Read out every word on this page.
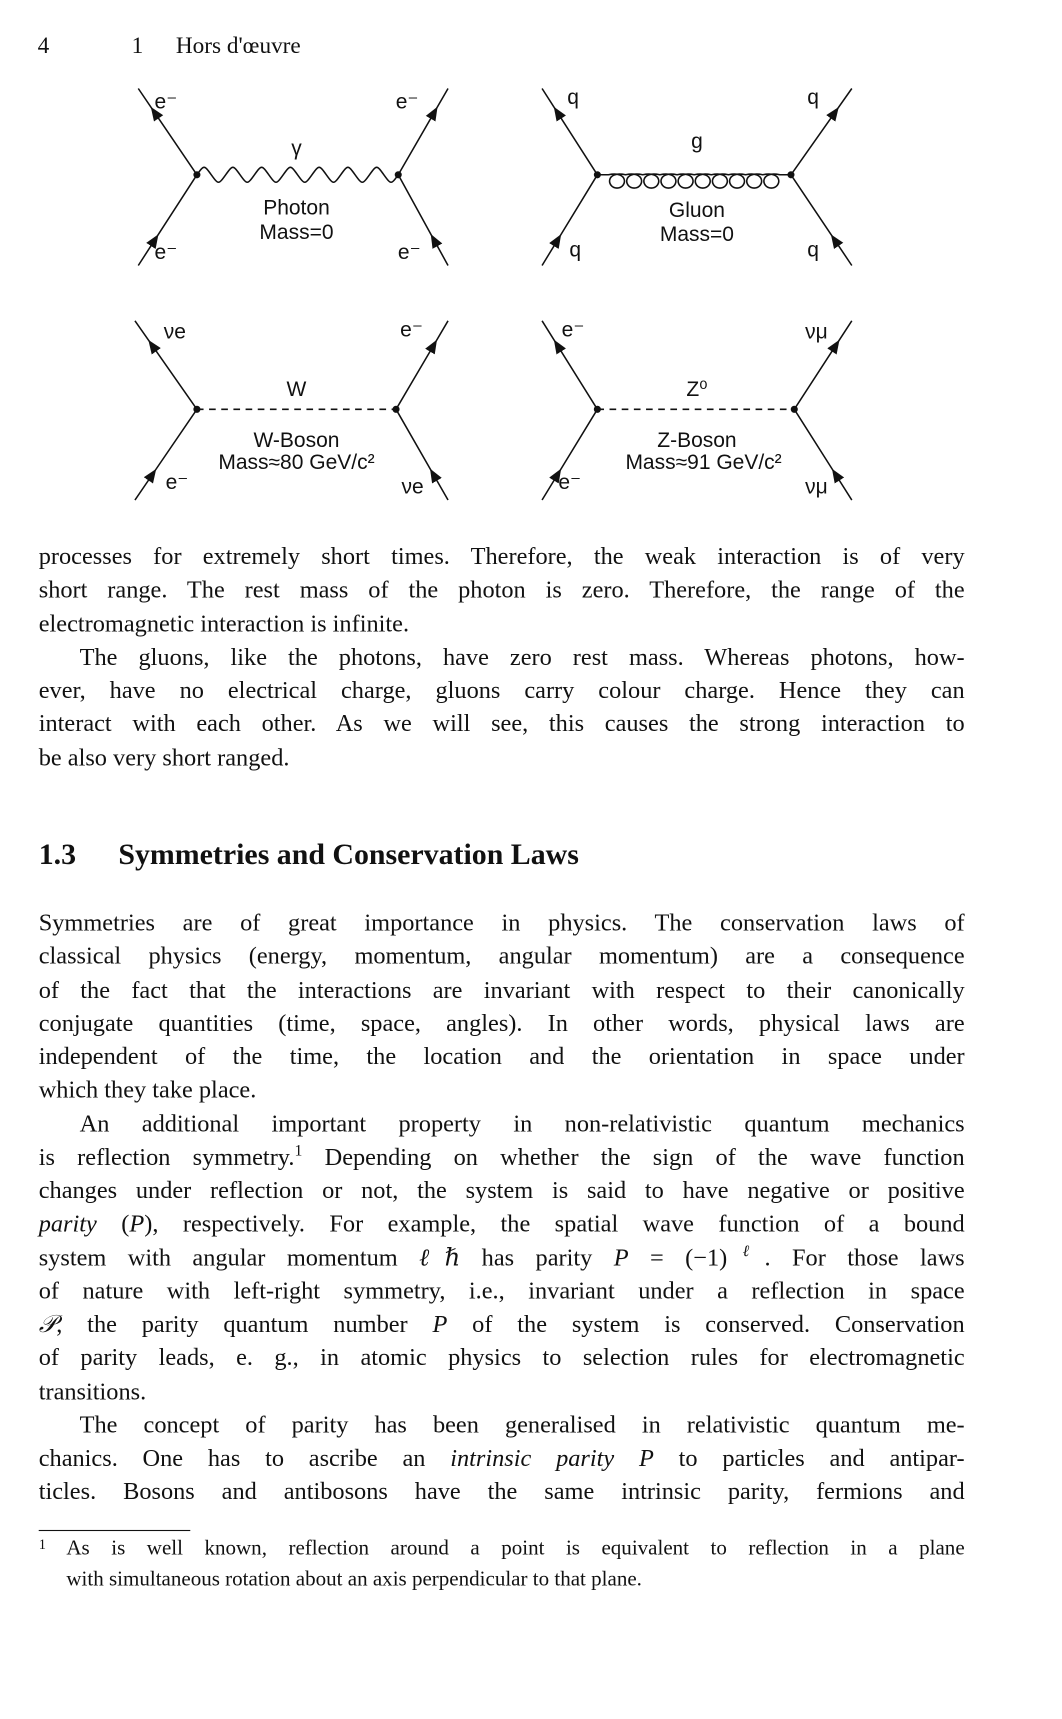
4	1 Hors d'œuvre
e⁻	e⁻
γ
Photon
Mass=0
e⁻	e⁻
q	q
g
Gluon
Mass=0
q	q
νe	e⁻
W
W-Boson
Mass≈80 GeV/c²
e⁻	νe
e⁻	νμ
Z⁰
Z-Boson
Mass≈91 GeV/c²
e⁻	νμ
processes for extremely short times. Therefore, the weak interaction is of very
short range. The rest mass of the photon is zero. Therefore, the range of the
electromagnetic interaction is infinite.
The gluons, like the photons, have zero rest mass. Whereas photons, how-
ever, have no electrical charge, gluons carry colour charge. Hence they can
interact with each other. As we will see, this causes the strong interaction to
be also very short ranged.
1.3 Symmetries and Conservation Laws
Symmetries are of great importance in physics. The conservation laws of
classical physics (energy, momentum, angular momentum) are a consequence
of the fact that the interactions are invariant with respect to their canonically
conjugate quantities (time, space, angles). In other words, physical laws are
independent of the time, the location and the orientation in space under
which they take place.
An additional important property in non-relativistic quantum mechanics
is reflection symmetry.$^1$ Depending on whether the sign of the wave function
changes under reflection or not, the system is said to have negative or positive
parity (P), respectively. For example, the spatial wave function of a bound
system with angular momentum ℓℏ has parity $P = (-1)^\ell$. For those laws
of nature with left-right symmetry, i.e., invariant under a reflection in space
𝒫, the parity quantum number P of the system is conserved. Conservation
of parity leads, e. g., in atomic physics to selection rules for electromagnetic
transitions.
The concept of parity has been generalised in relativistic quantum me-
chanics. One has to ascribe an intrinsic parity P to particles and antipar-
ticles. Bosons and antibosons have the same intrinsic parity, fermions and
1	As is well known, reflection around a point is equivalent to reflection in a plane
with simultaneous rotation about an axis perpendicular to that plane.
